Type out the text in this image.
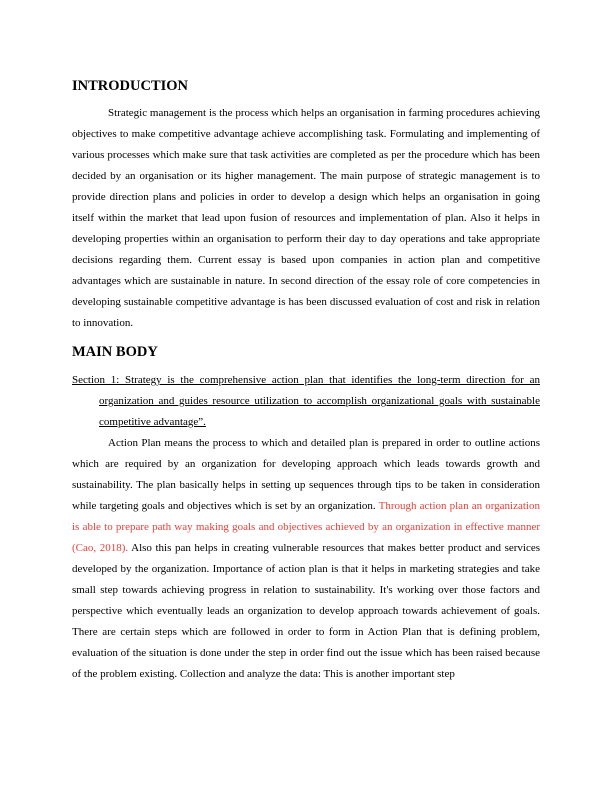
INTRODUCTION

Strategic management is the process which helps an organisation in farming procedures achieving objectives to make competitive advantage achieve accomplishing task. Formulating and implementing of various processes which make sure that task activities are completed as per the procedure which has been decided by an organisation or its higher management. The main purpose of strategic management is to provide direction plans and policies in order to develop a design which helps an organisation in going itself within the market that lead upon fusion of resources and implementation of plan. Also it helps in developing properties within an organisation to perform their day to day operations and take appropriate decisions regarding them. Current essay is based upon companies in action plan and competitive advantages which are sustainable in nature. In second direction of the essay role of core competencies in developing sustainable competitive advantage is has been discussed evaluation of cost and risk in relation to innovation.

MAIN BODY
Section 1: Strategy is the comprehensive action plan that identifies the long-term direction for an organization and guides resource utilization to accomplish organizational goals with sustainable competitive advantage”.

Action Plan means the process to which and detailed plan is prepared in order to outline actions which are required by an organization for developing approach which leads towards growth and sustainability. The plan basically helps in setting up sequences through tips to be taken in consideration while targeting goals and objectives which is set by an organization. Through action plan an organization is able to prepare path way making goals and objectives achieved by an organization in effective manner (Cao, 2018). Also this pan helps in creating vulnerable resources that makes better product and services developed by the organization. Importance of action plan is that it helps in marketing strategies and take small step towards achieving progress in relation to sustainability. It's working over those factors and perspective which eventually leads an organization to develop approach towards achievement of goals. There are certain steps which are followed in order to form in Action Plan that is defining problem, evaluation of the situation is done under the step in order find out the issue which has been raised because of the problem existing. Collection and analyze the data: This is another important step
